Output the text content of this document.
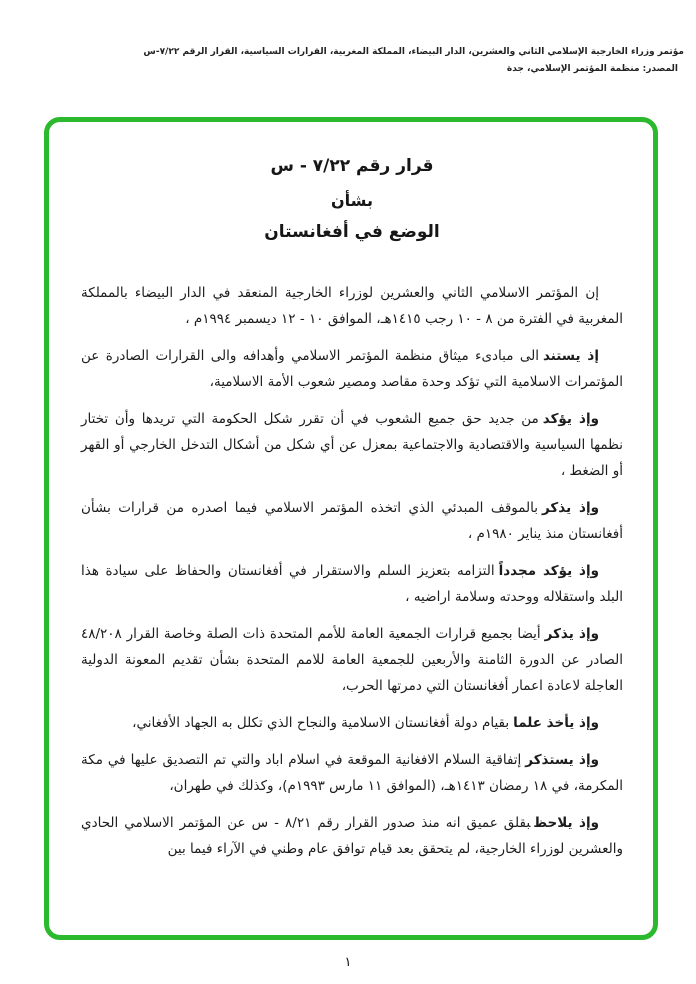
مؤتمر وزراء الخارجية الإسلامي الثاني والعشرين، الدار البيضاء، المملكة المغربية، القرارات السياسية، القرار الرقم ٧/٢٢-س
المصدر: منظمة المؤتمر الإسلامي، جدة
قرار رقم ٧/٢٢ - س
بشأن
الوضع في أفغانستان

إن المؤتمر الاسلامي الثاني والعشرين لوزراء الخارجية المنعقد في الدار البيضاء بالمملكة المغربية في الفترة من ٨ - ١٠ رجب ١٤١٥هـ، الموافق ١٠ - ١٢ ديسمبر ١٩٩٤م ،

إذ يستندالى مبادىء ميثاق منظمة المؤتمر الاسلامي وأهدافه والى القرارات الصادرة عن المؤتمرات الاسلامية التي تؤكد وحدة مقاصد ومصير شعوب الأمة الاسلامية،

وإذ يؤكدمن جديد حق جميع الشعوب في أن تقرر شكل الحكومة التي تريدها وأن تختار نظمها السياسية والاقتصادية والاجتماعية بمعزل عن أي شكل من أشكال التدخل الخارجي أو القهر أو الضغط ،

وإذ يذكربالموقف المبدئي الذي اتخذه المؤتمر الاسلامي فيما اصدره من قرارات بشأن أفغانستان منذ يناير ١٩٨٠م ،

وإذ يؤكد مجدداًالتزامه بتعزيز السلم والاستقرار في أفغانستان والحفاظ على سيادة هذا البلد واستقلاله ووحدته وسلامة اراضيه ،

وإذ يذكرأيضا بجميع قرارات الجمعية العامة للأمم المتحدة ذات الصلة وخاصة القرار ٤٨/٢٠٨ الصادر عن الدورة الثامنة والأربعين للجمعية العامة للامم المتحدة بشأن تقديم المعونة الدولية العاجلة لاعادة اعمار أفغانستان التي دمرتها الحرب،

وإذ يأخذ علمابقيام دولة أفغانستان الاسلامية والنجاح الذي تكلل به الجهاد الأفغاني،

وإذ يستذكرإتفاقية السلام الافغانية الموقعة في اسلام اباد والتي تم التصديق عليها في مكة المكرمة، في ١٨ رمضان ١٤١٣هـ، (الموافق ١١ مارس ١٩٩٣م)، وكذلك في طهران،

وإذ يلاحظبقلق عميق انه منذ صدور القرار رقم ٨/٢١ - س عن المؤتمر الاسلامي الحادي والعشرين لوزراء الخارجية، لم يتحقق بعد قيام توافق عام وطني في الآراء فيما بين

١
